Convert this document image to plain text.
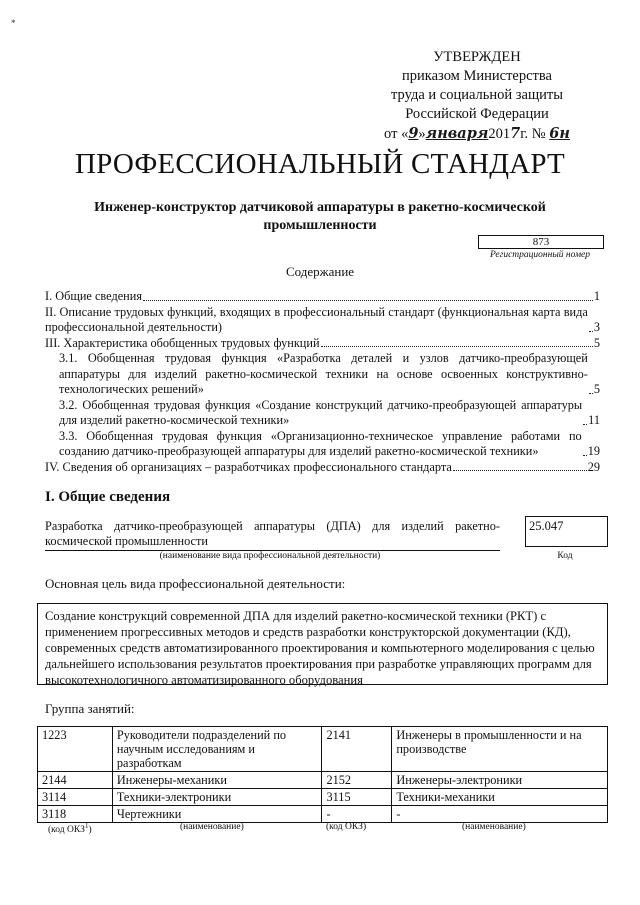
*
УТВЕРЖДЕН
приказом Министерства
труда и социальной защиты
Российской Федерации
от «9»января2017г. № 6н
ПРОФЕССИОНАЛЬНЫЙ СТАНДАРТ
Инженер-конструктор датчиковой аппаратуры в ракетно-космической промышленности
873
Регистрационный номер
Содержание
I. Общие сведения	1
II. Описание трудовых функций, входящих в профессиональный стандарт (функциональная карта вида профессиональной деятельности)	3
III. Характеристика обобщенных трудовых функций	5
3.1. Обобщенная трудовая функция «Разработка деталей и узлов датчико-преобразующей аппаратуры для изделий ракетно-космической техники на основе освоенных конструктивно-технологических решений»	5
3.2. Обобщенная трудовая функция «Создание конструкций датчико-преобразующей аппаратуры для изделий ракетно-космической техники»	11
3.3. Обобщенная трудовая функция «Организационно-техническое управление работами по созданию датчико-преобразующей аппаратуры для изделий ракетно-космической техники»	19
IV. Сведения об организациях – разработчиках профессионального стандарта	29
I. Общие сведения
Разработка датчико-преобразующей аппаратуры (ДПА) для изделий ракетно-космической промышленности
(наименование вида профессиональной деятельности)
25.047
Код
Основная цель вида профессиональной деятельности:
Создание конструкций современной ДПА для изделий ракетно-космической техники (РКТ) с применением прогрессивных методов и средств разработки конструкторской документации (КД), современных средств автоматизированного проектирования и компьютерного моделирования с целью дальнейшего использования результатов проектирования при разработке управляющих программ для высокотехнологичного автоматизированного оборудования
Группа занятий:
1223	Руководители подразделений по научным исследованиям и разработкам	2141	Инженеры в промышленности и на производстве
2144	Инженеры-механики	2152	Инженеры-электроники
3114	Техники-электроники	3115	Техники-механики
3118	Чертежники	-	-
(код ОКЗ$^1$)	(наименование)	(код ОКЗ)	(наименование)
